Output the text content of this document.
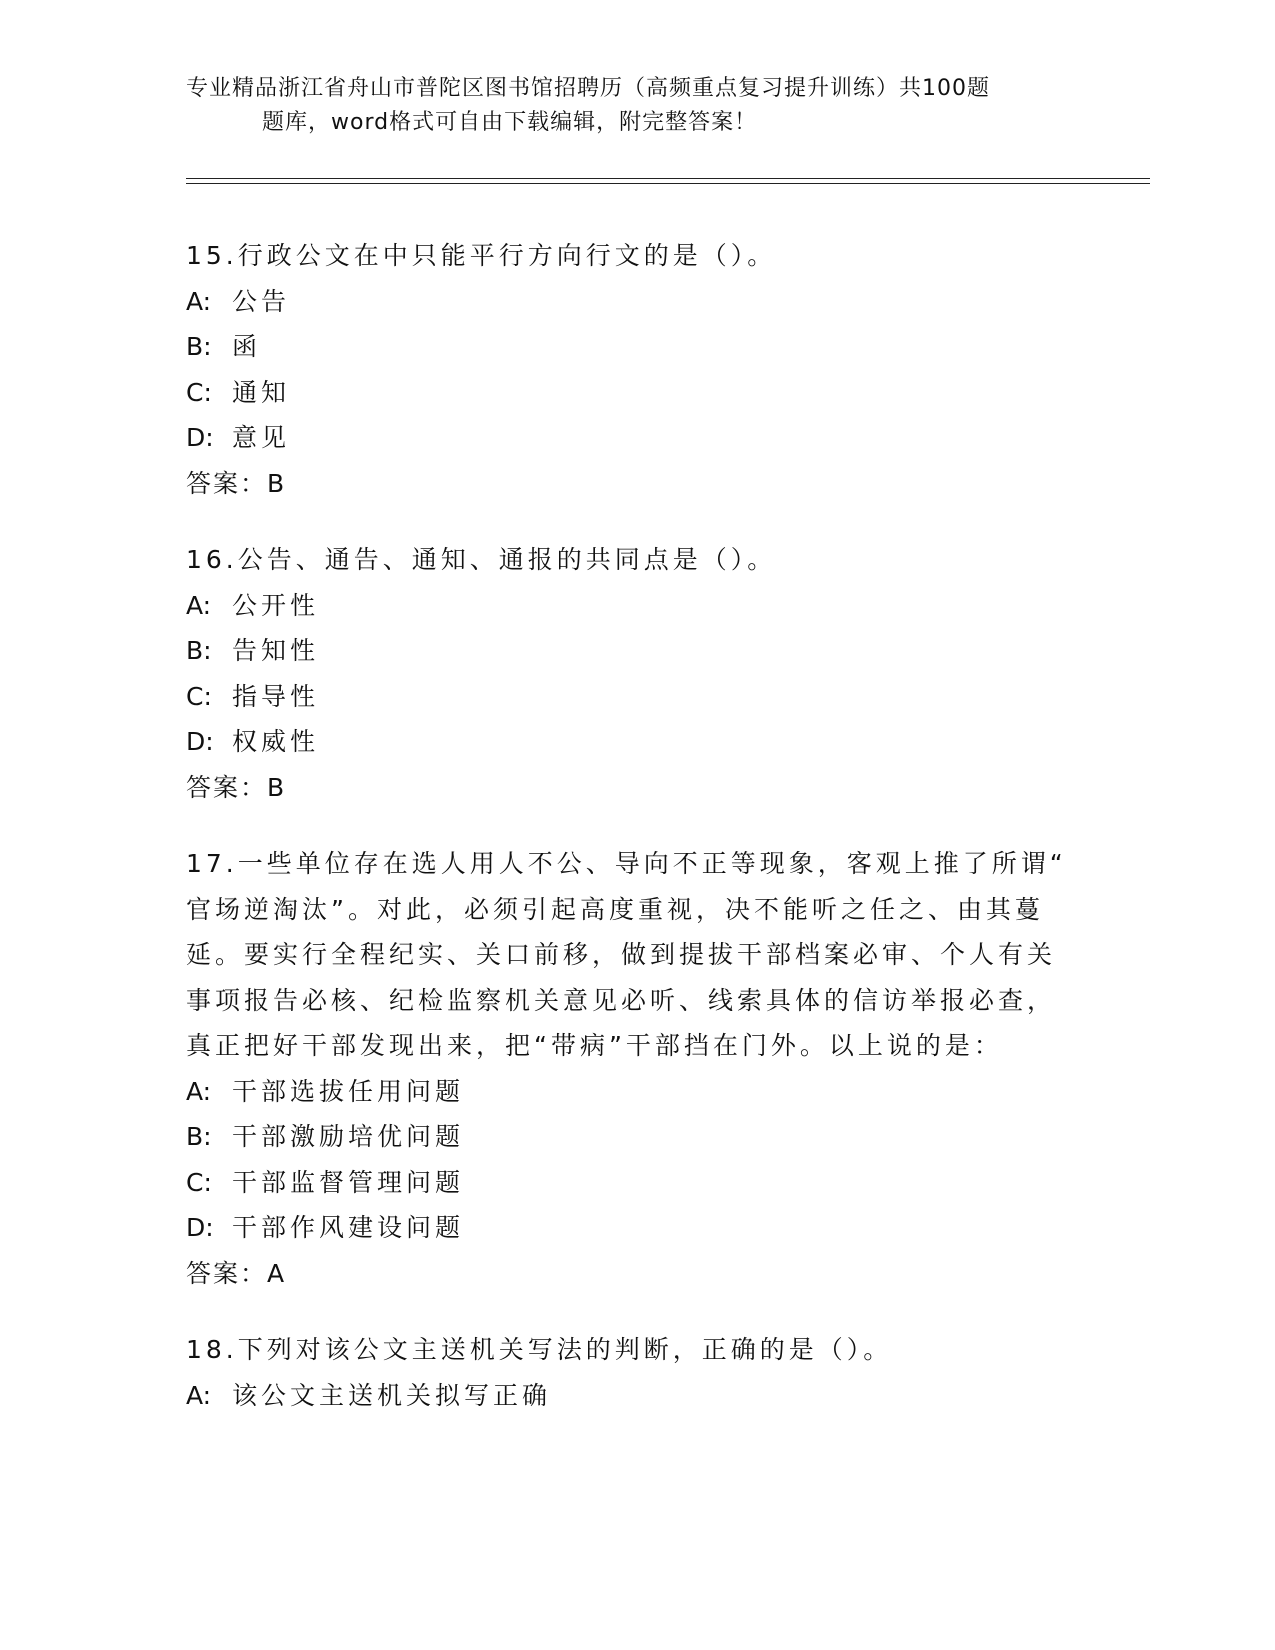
专业精品浙江省舟山市普陀区图书馆招聘历（高频重点复习提升训练）共100题
题库，word格式可自由下载编辑，附完整答案！
15.行政公文在中只能平行方向行文的是（）。
A: 公告
B: 函
C: 通知
D: 意见
答案：B
16.公告、通告、通知、通报的共同点是（）。
A: 公开性
B: 告知性
C: 指导性
D: 权威性
答案：B
17.一些单位存在选人用人不公、导向不正等现象，客观上推了所谓“
官场逆淘汰”。对此，必须引起高度重视，决不能听之任之、由其蔓
延。要实行全程纪实、关口前移，做到提拔干部档案必审、个人有关
事项报告必核、纪检监察机关意见必听、线索具体的信访举报必查，
真正把好干部发现出来，把“带病”干部挡在门外。以上说的是：
A: 干部选拔任用问题
B: 干部激励培优问题
C: 干部监督管理问题
D: 干部作风建设问题
答案：A
18.下列对该公文主送机关写法的判断，正确的是（）。
A: 该公文主送机关拟写正确
